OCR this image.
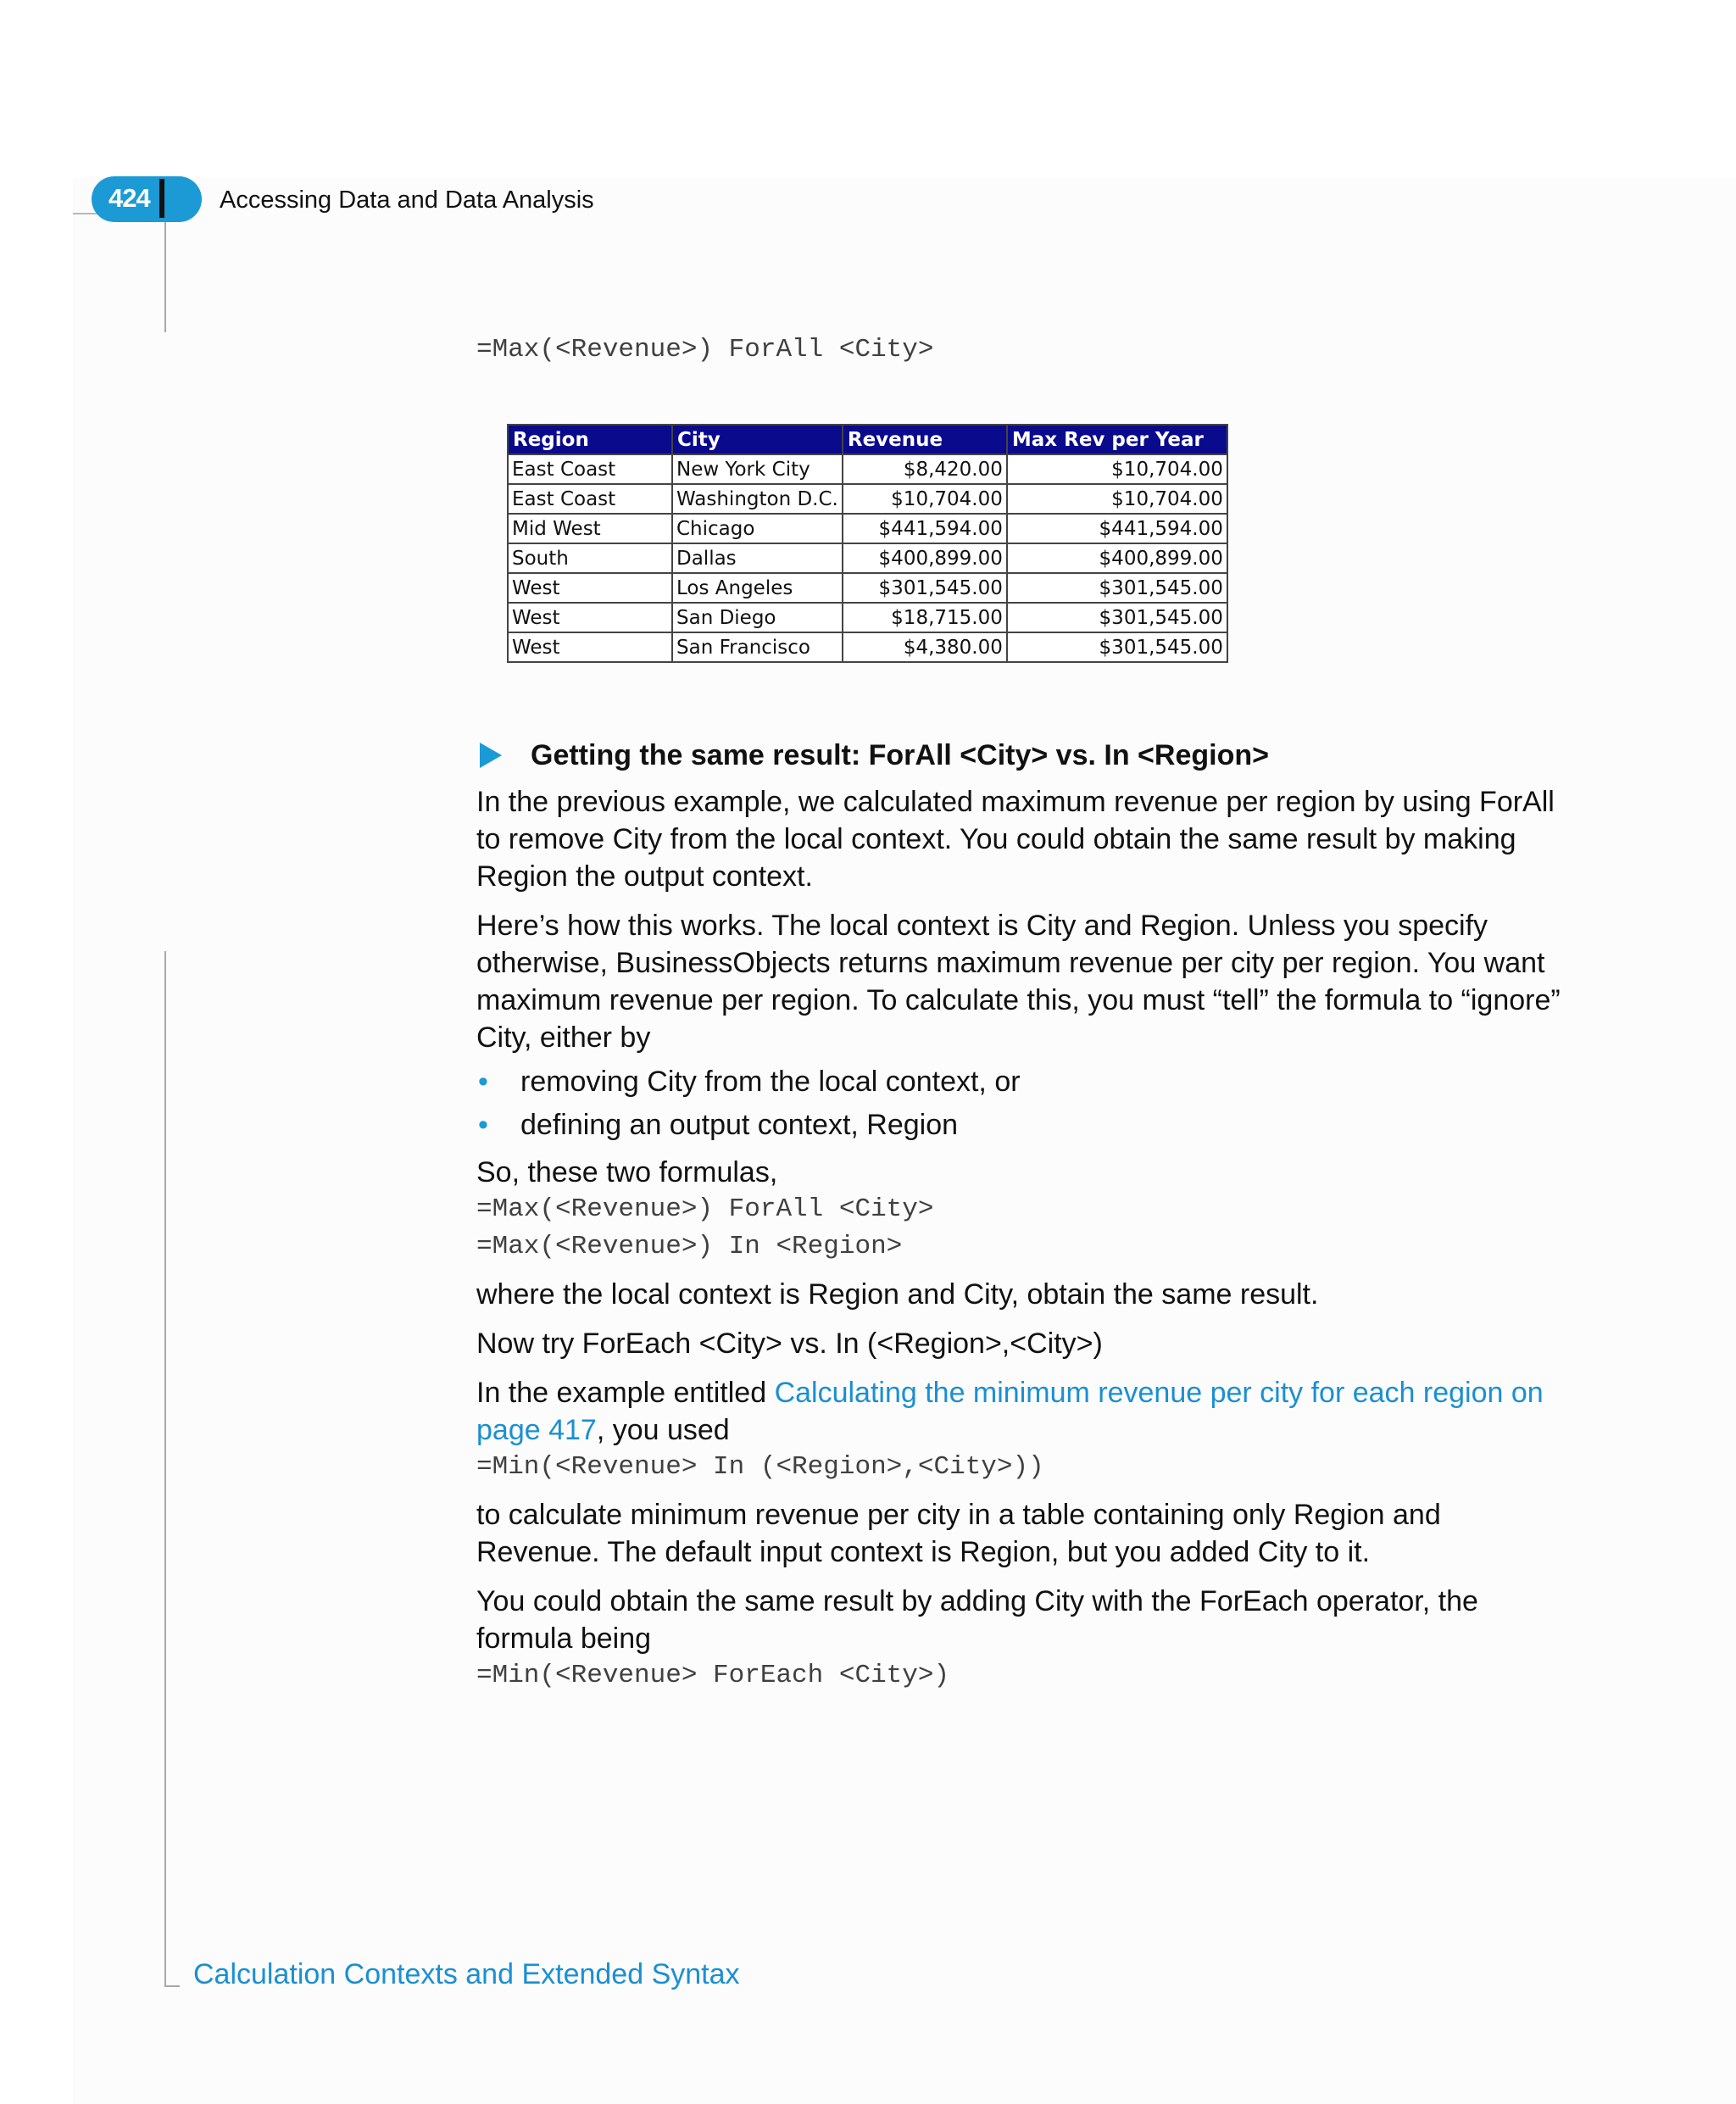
424	Accessing Data and Data Analysis
=Max(<Revenue>) ForAll <City>
Region	City	Revenue	Max Rev per Year
East Coast	New York City	$8,420.00	$10,704.00
East Coast	Washington D.C.	$10,704.00	$10,704.00
Mid West	Chicago	$441,594.00	$441,594.00
South	Dallas	$400,899.00	$400,899.00
West	Los Angeles	$301,545.00	$301,545.00
West	San Diego	$18,715.00	$301,545.00
West	San Francisco	$4,380.00	$301,545.00
Getting the same result: ForAll <City> vs. In <Region>

In the previous example, we calculated maximum revenue per region by using ForAll to remove City from the local context. You could obtain the same result by making Region the output context.

Here’s how this works. The local context is City and Region. Unless you specify otherwise, BusinessObjects returns maximum revenue per city per region. You want maximum revenue per region. To calculate this, you must “tell” the formula to “ignore” City, either by

• removing City from the local context, or
• defining an output context, Region

So, these two formulas,

=Max(<Revenue>) ForAll <City>

=Max(<Revenue>) In <Region>

where the local context is Region and City, obtain the same result.

Now try ForEach <City> vs. In (<Region>,<City>)

In the example entitled Calculating the minimum revenue per city for each region on page 417, you used

=Min(<Revenue> In (<Region>,<City>))

to calculate minimum revenue per city in a table containing only Region and Revenue. The default input context is Region, but you added City to it.

You could obtain the same result by adding City with the ForEach operator, the formula being

=Min(<Revenue> ForEach <City>)

Calculation Contexts and Extended Syntax
